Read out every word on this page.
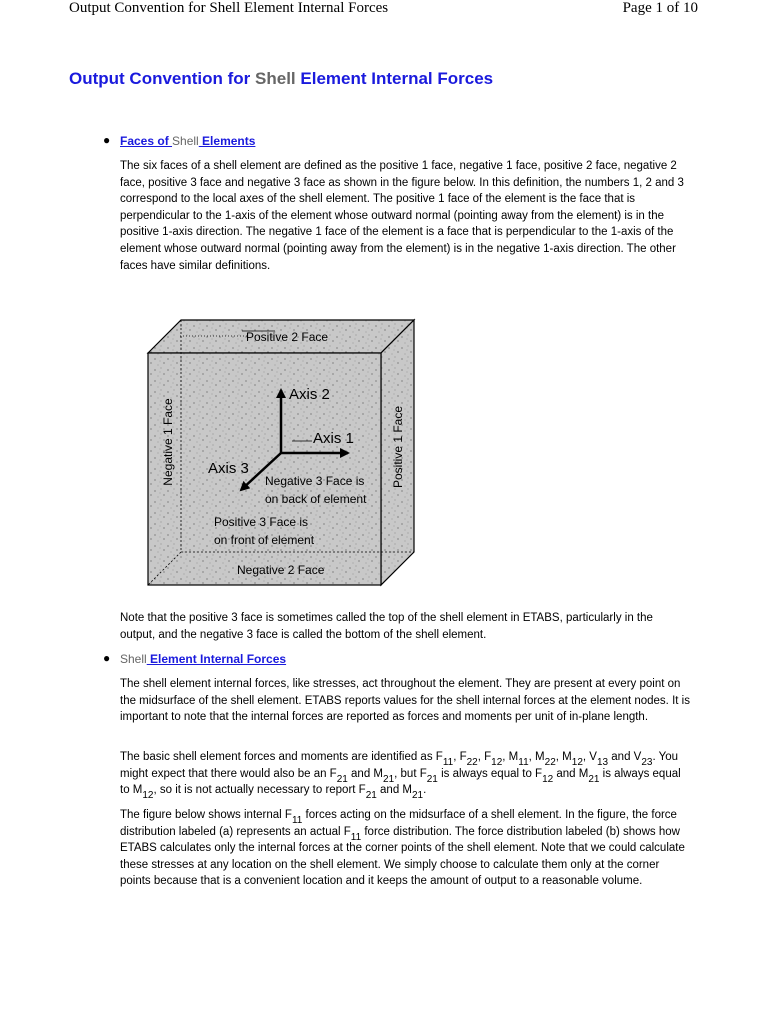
Output Convention for Shell Element Internal Forces	Page 1 of 10
Output Convention for Shell Element Internal Forces
● Faces of Shell Elements
The six faces of a shell element are defined as the positive 1 face, negative 1 face, positive 2 face, negative 2 face, positive 3 face and negative 3 face as shown in the figure below. In this definition, the numbers 1, 2 and 3 correspond to the local axes of the shell element. The positive 1 face of the element is the face that is perpendicular to the 1-axis of the element whose outward normal (pointing away from the element) is in the positive 1-axis direction. The negative 1 face of the element is a face that is perpendicular to the 1-axis of the element whose outward normal (pointing away from the element) is in the negative 1-axis direction. The other faces have similar definitions.
Positive 2 Face
Negative 2 Face
Negative 1 Face	Positive 1 Face
Axis 2
Axis 1
Axis 3
Negative 3 Face is
on back of element
Positive 3 Face is
on front of element
Note that the positive 3 face is sometimes called the top of the shell element in ETABS, particularly in the output, and the negative 3 face is called the bottom of the shell element.
● Shell Element Internal Forces
The shell element internal forces, like stresses, act throughout the element. They are present at every point on the midsurface of the shell element. ETABS reports values for the shell internal forces at the element nodes. It is important to note that the internal forces are reported as forces and moments per unit of in-plane length.
The basic shell element forces and moments are identified as $F_{11}$, $F_{22}$, $F_{12}$, $M_{11}$, $M_{22}$, $M_{12}$, $V_{13}$ and $V_{23}$. You might expect that there would also be an $F_{21}$ and $M_{21}$, but $F_{21}$ is always equal to $F_{12}$ and $M_{21}$ is always equal to $M_{12}$, so it is not actually necessary to report $F_{21}$ and $M_{21}$.
The figure below shows internal $F_{11}$ forces acting on the midsurface of a shell element. In the figure, the force distribution labeled (a) represents an actual $F_{11}$ force distribution. The force distribution labeled (b) shows how ETABS calculates only the internal forces at the corner points of the shell element. Note that we could calculate these stresses at any location on the shell element. We simply choose to calculate them only at the corner points because that is a convenient location and it keeps the amount of output to a reasonable volume.
